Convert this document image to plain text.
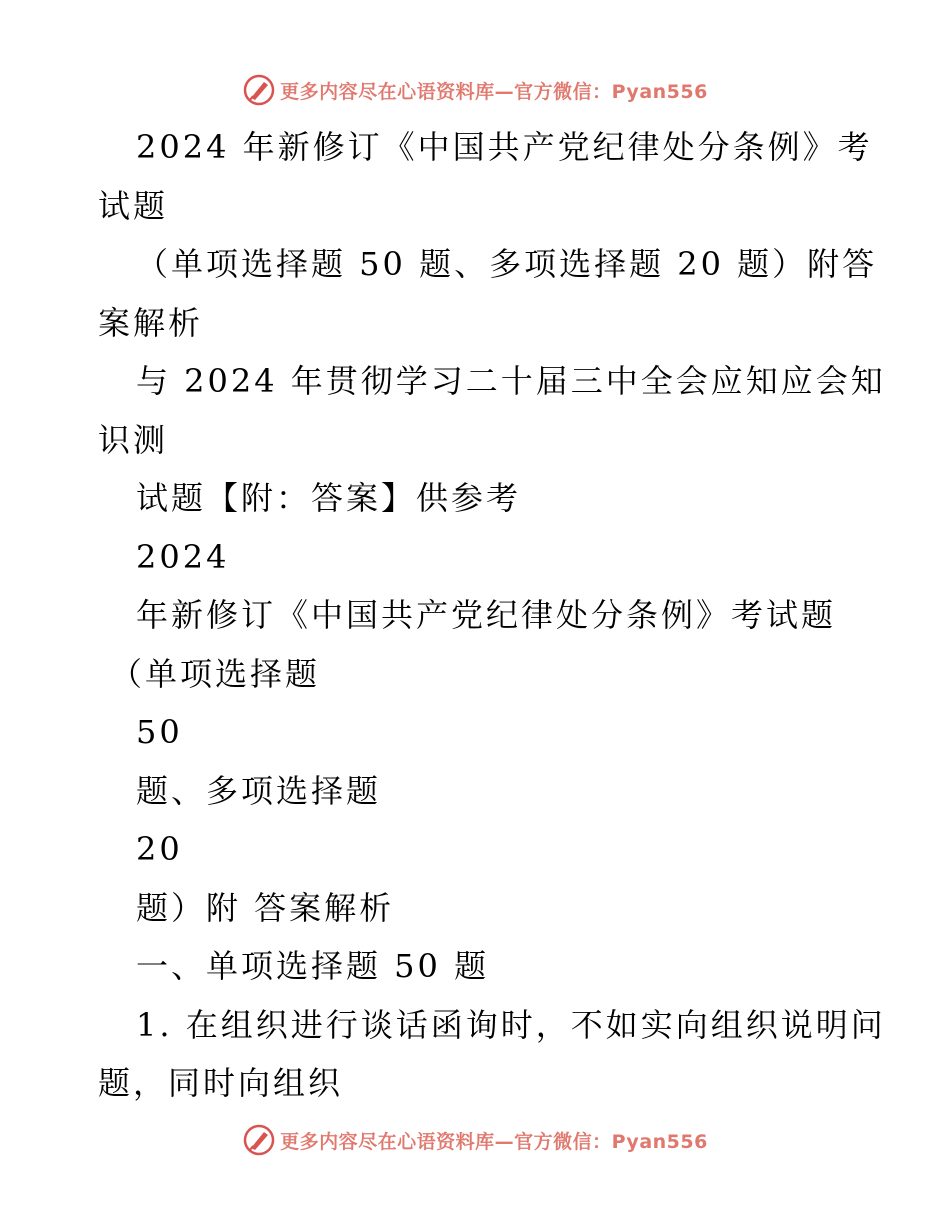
更多内容尽在心语资料库—官方微信：Pyan556

2024 年新修订《中国共产党纪律处分条例》考

试题

（单项选择题 50 题、多项选择题 20 题）附答

案解析

与 2024 年贯彻学习二十届三中全会应知应会知

识测

试题【附：答案】供参考

2024

年新修订《中国共产党纪律处分条例》考试题

（单项选择题

50

题、多项选择题

20

题）附 答案解析

一、单项选择题 50 题

1. 在组织进行谈话函询时，不如实向组织说明问

题，同时向组织

更多内容尽在心语资料库—官方微信：Pyan556
